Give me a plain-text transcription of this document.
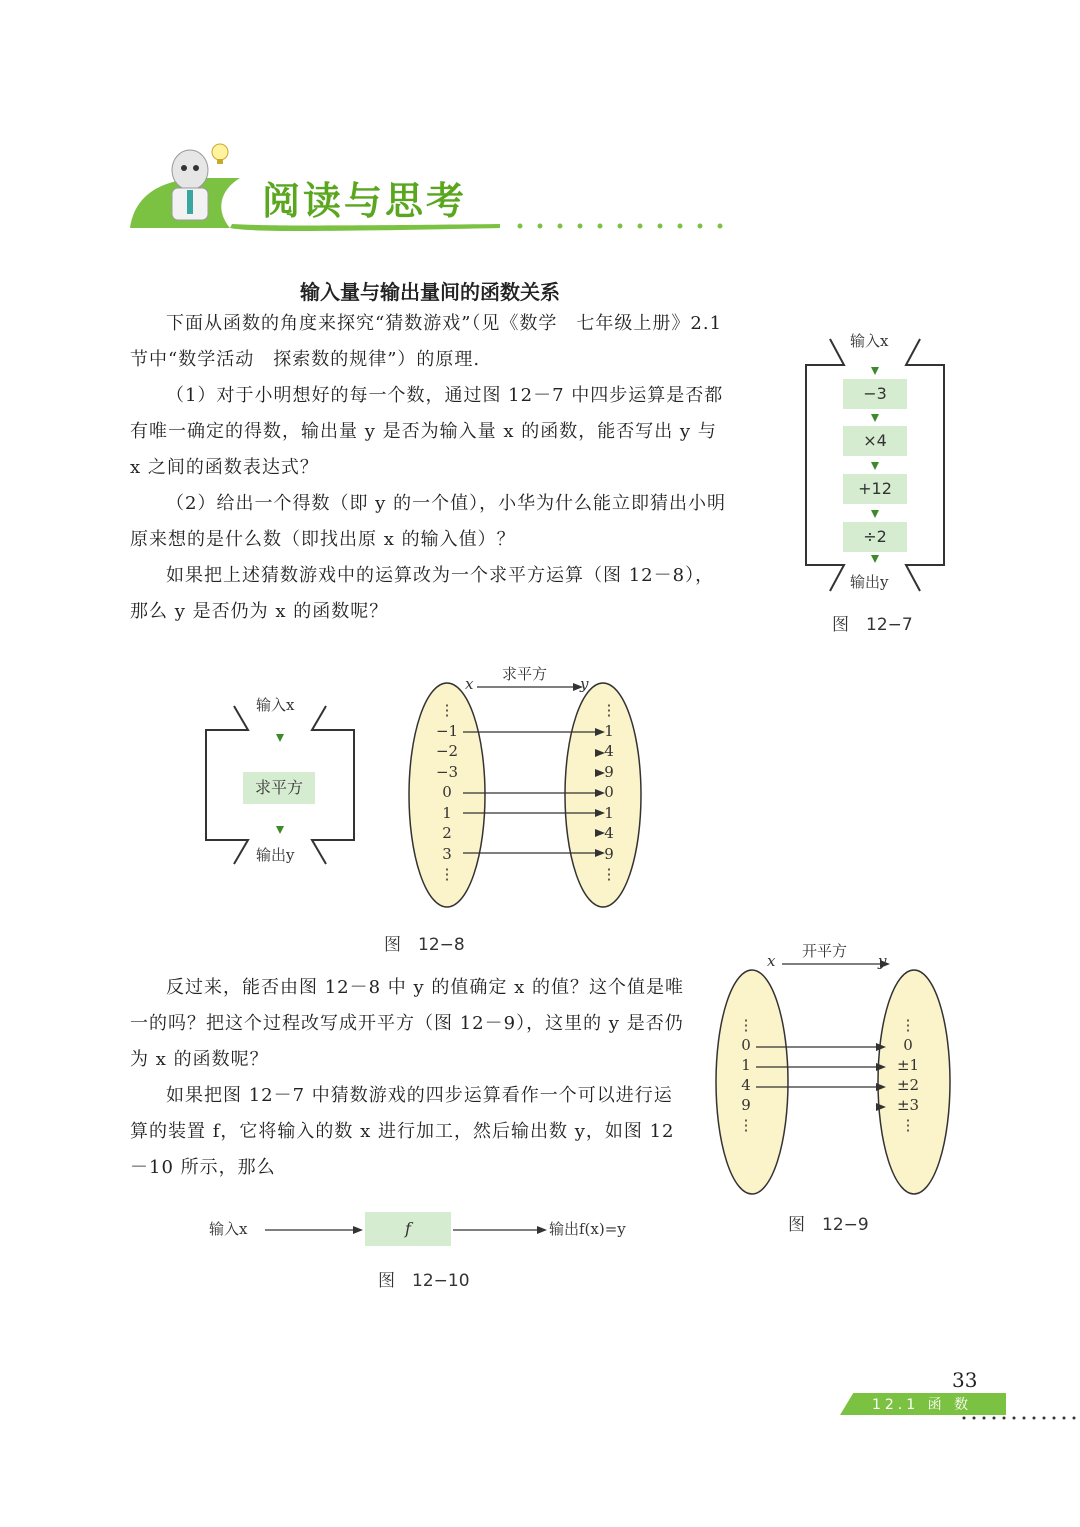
阅读与思考
输入量与输出量间的函数关系

下面从函数的角度来探究“猜数游戏”（见《数学　七年级上册》2.1 节中“数学活动　探索数的规律”）的原理.

（1）对于小明想好的每一个数，通过图 12－7 中四步运算是否都有唯一确定的得数，输出量 y 是否为输入量 x 的函数，能否写出 y 与 x 之间的函数表达式？

（2）给出一个得数（即 y 的一个值），小华为什么能立即猜出小明原来想的是什么数（即找出原 x 的输入值）？

如果把上述猜数游戏中的运算改为一个求平方运算（图 12－8），那么 y 是否仍为 x 的函数呢？

输入x
−3
×4
+12
÷2
输出y
图　12−7
输入x
求平方
输出y
x
求平方
y
⋮
−1
−2
−3
0
1
2
3
⋮
⋮
1
4
9
0
1
4
9
⋮
图　12−8

反过来，能否由图 12－8 中 y 的值确定 x 的值？这个值是唯一的吗？把这个过程改写成开平方（图 12－9），这里的 y 是否仍为 x 的函数呢？

如果把图 12－7 中猜数游戏的四步运算看作一个可以进行运算的装置 f，它将输入的数 x 进行加工，然后输出数 y，如图 12－10 所示，那么

x
开平方
y
⋮
0
1
4
9
⋮
⋮
0
±1
±2
±3
⋮
图　12−9
输入x	f	输出f(x)=y
图　12−10
33
12.1 函 数
